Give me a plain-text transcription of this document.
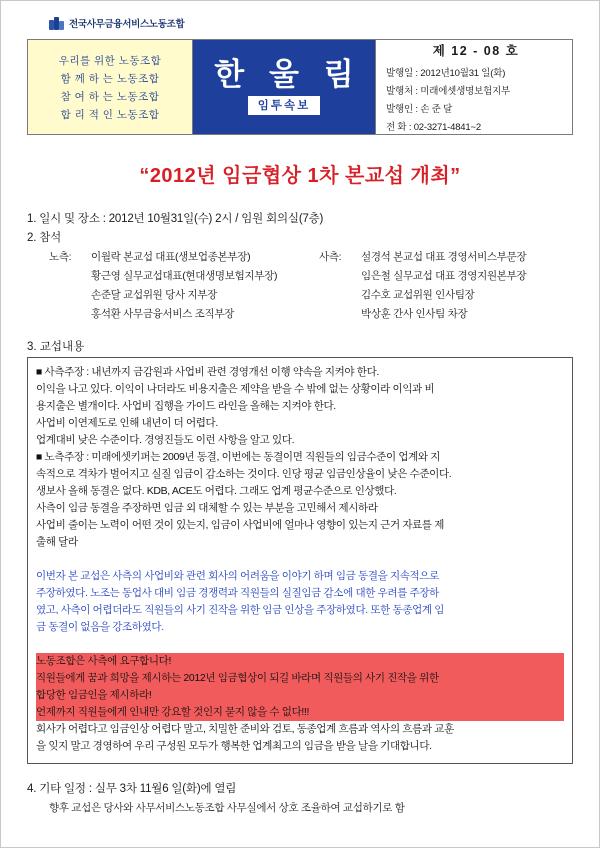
전국사무금융서비스노동조합
우리를 위한 노동조합
함 께 하 는 노동조합
참 여 하 는 노동조합
합 리 적 인 노동조합
한 울 림
임투속보
제 12 - 08 호
발행일 : 2012년10월31 일(화)
발행처 : 미래에셋생명보험지부
발행인 : 손 준 달
전 화 : 02-3271-4841~2
“2012년 임금협상 1차 본교섭 개최”
1. 일시 및 장소 : 2012년 10월31일(수) 2시 / 임원 회의실(7층)
2. 참석
노측:	이월락 본교섭 대표(생보업종본부장)	사측:	설경석 본교섭 대표 경영서비스부문장
황근영 실무교섭대표(현대생명보험지부장)	임은철 실무교섭 대표 경영지원본부장
손준달 교섭위원 당사 지부장	김수호 교섭위원 인사팀장
홍석환 사무금융서비스 조직부장	박상훈 간사 인사팀 차장
3. 교섭내용
■ 사측주장 : 내년까지 금감원과 사업비 관련 경영개선 이행 약속을 지켜야 한다.
이익을 나고 있다. 이익이 나더라도 비용지출은 제약을 받을 수 밖에 없는 상황이라 이익과 비
용지출은 별개이다. 사업비 집행을 가이드 라인을 올해는 지켜야 한다.
사업비 이연제도로 인해 내년이 더 어렵다.
업계대비 낮은 수준이다. 경영진들도 이런 사항을 알고 있다.
■ 노측주장 : 미래에셋키퍼는 2009년 동결, 이번에는 동결이면 직원들의 임금수준이 업계와 지
속적으로 격차가 벌어지고 실질 임금이 감소하는 것이다. 인당 평균 임금인상율이 낮은 수준이다.
생보사 올해 동결은 없다. KDB, ACE도 어렵다. 그래도 업계 평균수준으로 인상했다.
사측이 임금 동결을 주장하면 임금 외 대체할 수 있는 부분을 고민해서 제시하라
사업비 줄이는 노력이 어떤 것이 있는지, 임금이 사업비에 얼마나 영향이 있는지 근거 자료를 제
출해 달라

이번자 본 교섭은 사측의 사업비와 관련 회사의 어려움을 이야기 하며 임금 동결을 지속적으로
주장하였다. 노조는 동업사 대비 임금 경쟁력과 직원들의 실질임금 감소에 대한 우려를 주장하
였고, 사측이 어렵더라도 직원들의 사기 진작을 위한 임금 인상을 주장하였다. 또한 동종업계 임
금 동결이 없음을 강조하였다.

노동조합은 사측에 요구합니다!
직원들에게 꿈과 희망을 제시하는 2012년 임금협상이 되길 바라며 직원들의 사기 진작을 위한
합당한 임금인을 제시하라!
언제까지 직원들에게 인내만 강요할 것인지 묻지 않을 수 없다!!!
회사가 어렵다고 임금인상 어렵다 말고, 치밀한 준비와 검토, 동종업계 흐름과 역사의 흐름과 교훈
을 잊지 말고 경영하여 우리 구성원 모두가 행복한 업계최고의 임금을 받을 날을 기대합니다.
4. 기타 일정 : 실무 3차 11월6 일(화)에 열림
향후 교섭은 당사와 사무서비스노동조합 사무실에서 상호 조율하여 교섭하기로 함
